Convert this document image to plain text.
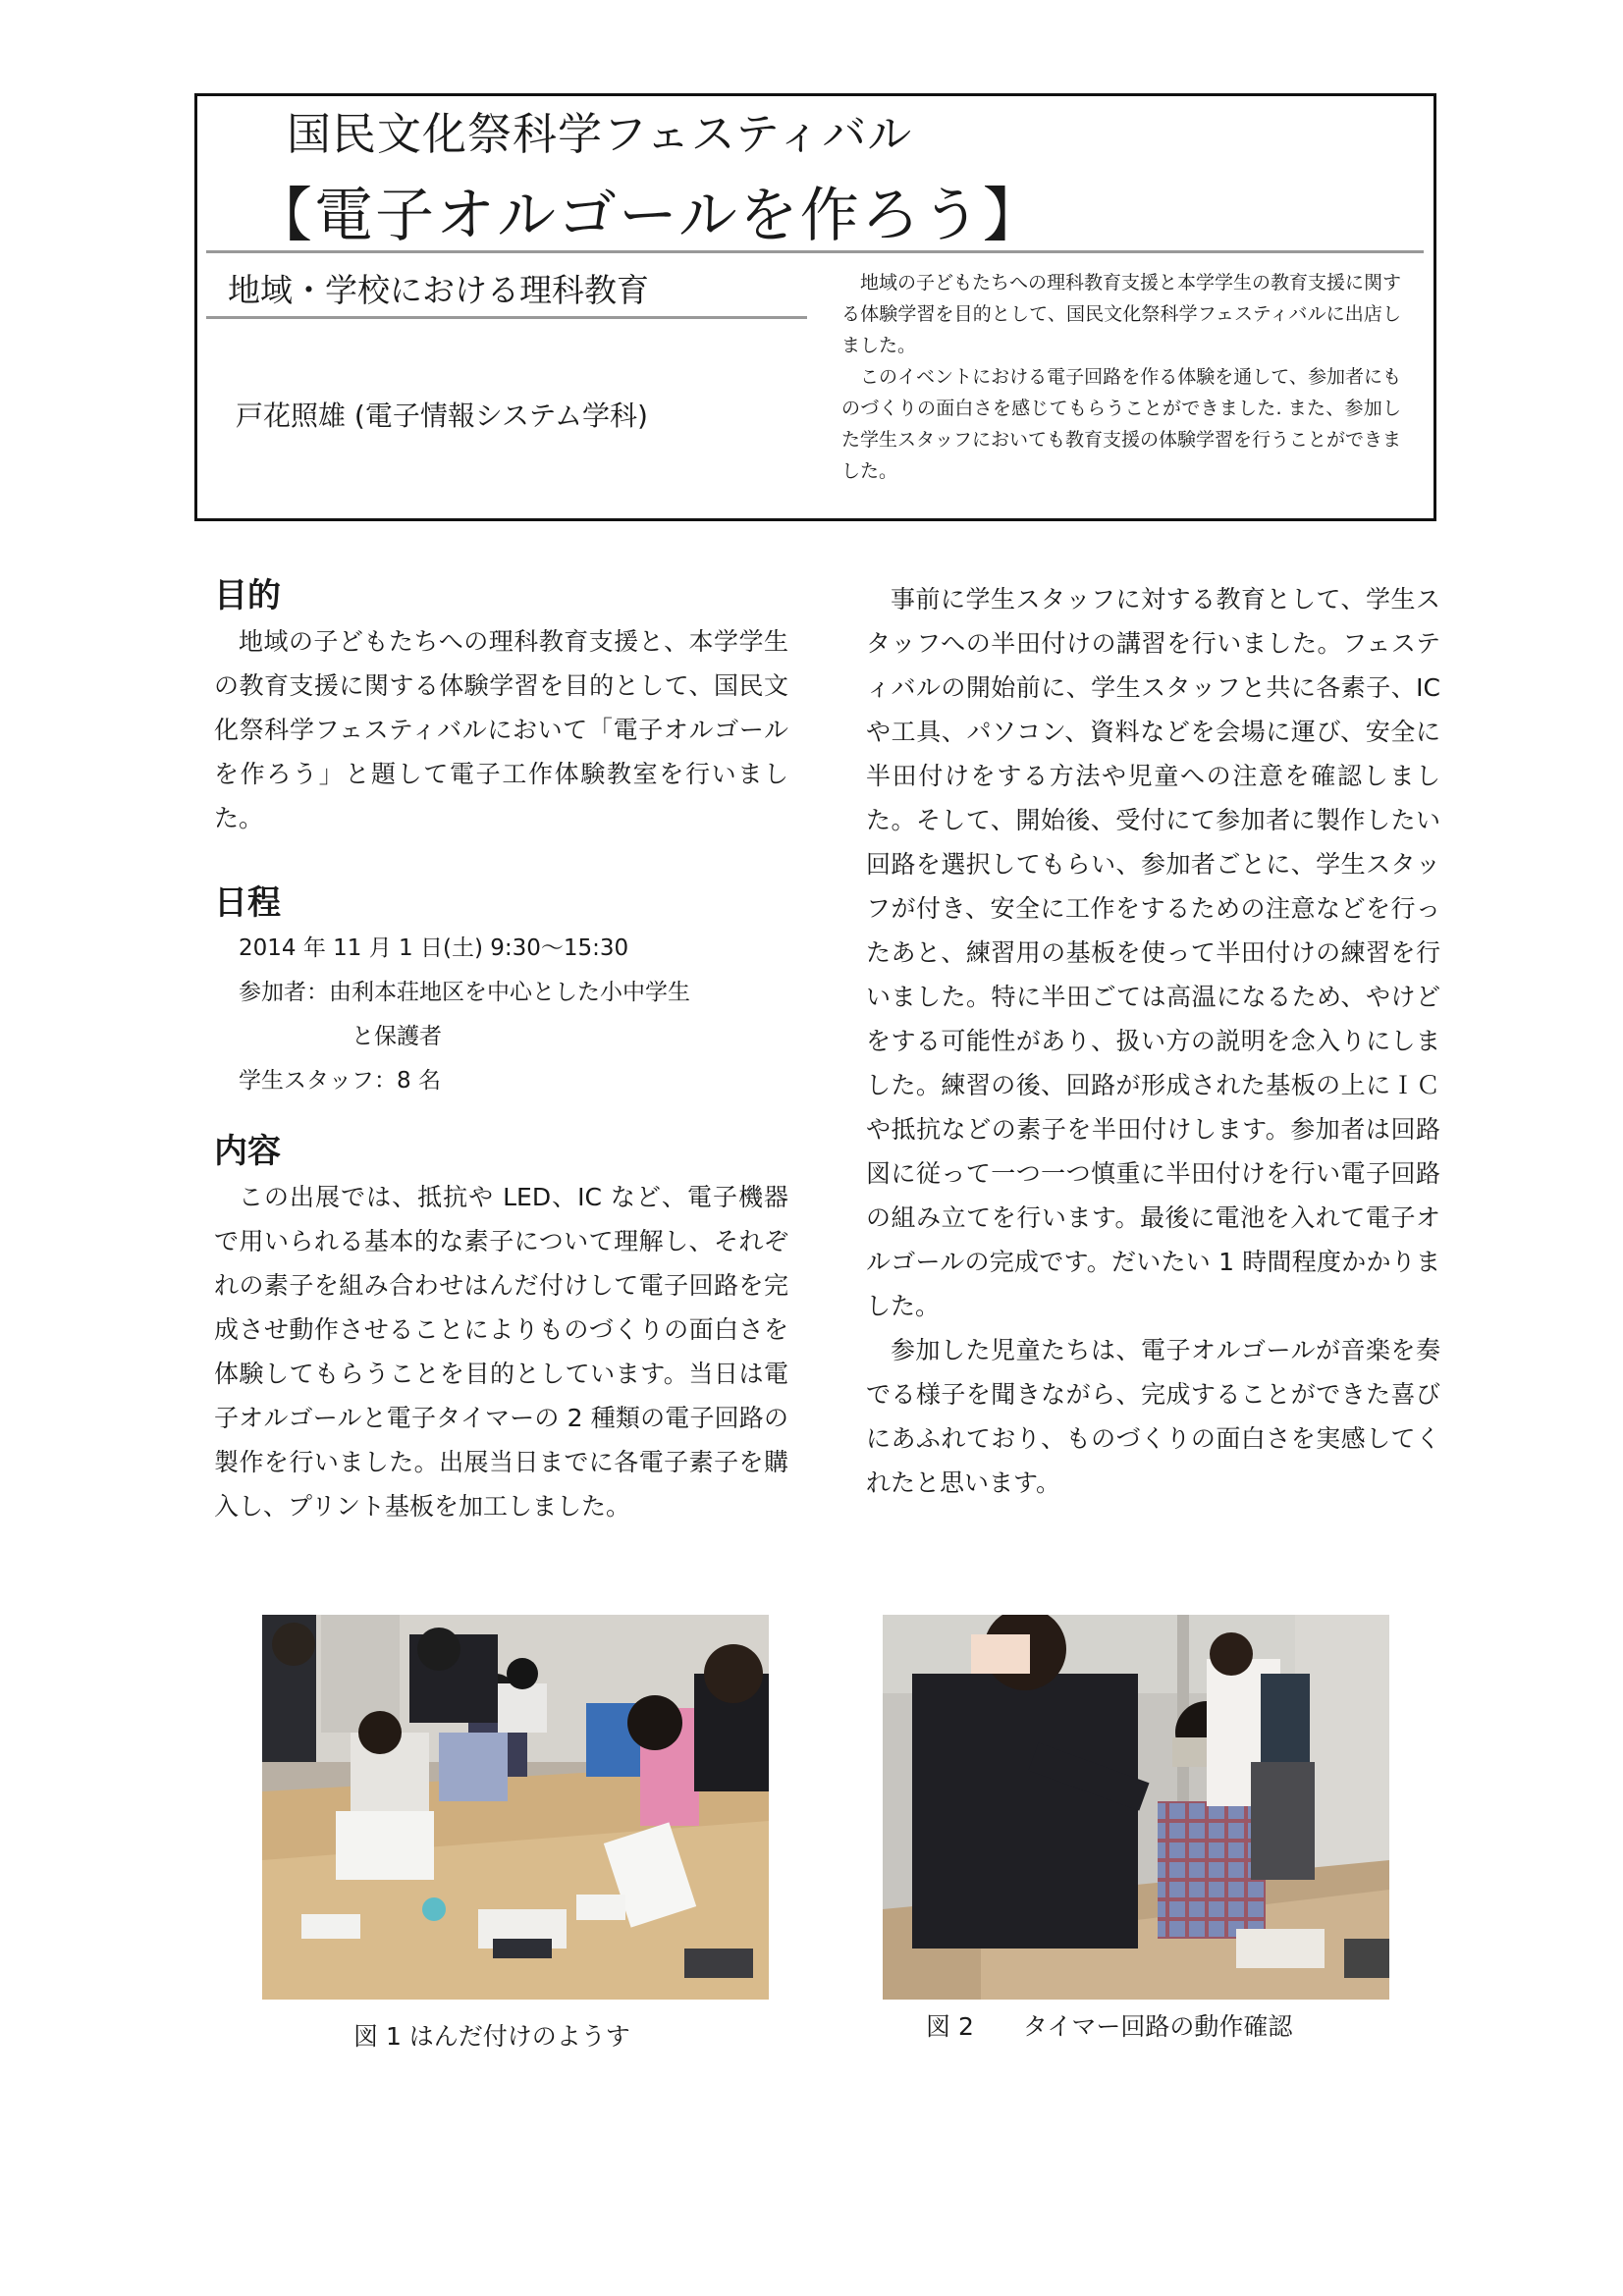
国民文化祭科学フェスティバル
【電子オルゴールを作ろう】
地域・学校における理科教育
戸花照雄 (電子情報システム学科)

地域の子どもたちへの理科教育支援と本学学生の教育支援に関する体験学習を目的として、国民文化祭科学フェスティバルに出店しました。

このイベントにおける電子回路を作る体験を通して、参加者にものづくりの面白さを感じてもらうことができました. また、参加した学生スタッフにおいても教育支援の体験学習を行うことができました。

目的

地域の子どもたちへの理科教育支援と、本学学生の教育支援に関する体験学習を目的として、国民文化祭科学フェスティバルにおいて「電子オルゴールを作ろう」と題して電子工作体験教室を行いました。

日程

2014 年 11 月 1 日(土) 9:30～15:30

参加者：由利本荘地区を中心とした小中学生

と保護者

学生スタッフ：8 名

内容

この出展では、抵抗や LED、IC など、電子機器で用いられる基本的な素子について理解し、それぞれの素子を組み合わせはんだ付けして電子回路を完成させ動作させることによりものづくりの面白さを体験してもらうことを目的としています。当日は電子オルゴールと電子タイマーの 2 種類の電子回路の製作を行いました。出展当日までに各電子素子を購入し、プリント基板を加工しました。

事前に学生スタッフに対する教育として、学生スタッフへの半田付けの講習を行いました。フェスティバルの開始前に、学生スタッフと共に各素子、IC や工具、パソコン、資料などを会場に運び、安全に半田付けをする方法や児童への注意を確認しました。そして、開始後、受付にて参加者に製作したい回路を選択してもらい、参加者ごとに、学生スタッフが付き、安全に工作をするための注意などを行ったあと、練習用の基板を使って半田付けの練習を行いました。特に半田ごては高温になるため、やけどをする可能性があり、扱い方の説明を念入りにしました。練習の後、回路が形成された基板の上にＩＣや抵抗などの素子を半田付けします。参加者は回路図に従って一つ一つ慎重に半田付けを行い電子回路の組み立てを行います。最後に電池を入れて電子オルゴールの完成です。だいたい 1 時間程度かかりました。

参加した児童たちは、電子オルゴールが音楽を奏でる様子を聞きながら、完成することができた喜びにあふれており、ものづくりの面白さを実感してくれたと思います。

図 1 はんだ付けのようす	図 2　　タイマー回路の動作確認
